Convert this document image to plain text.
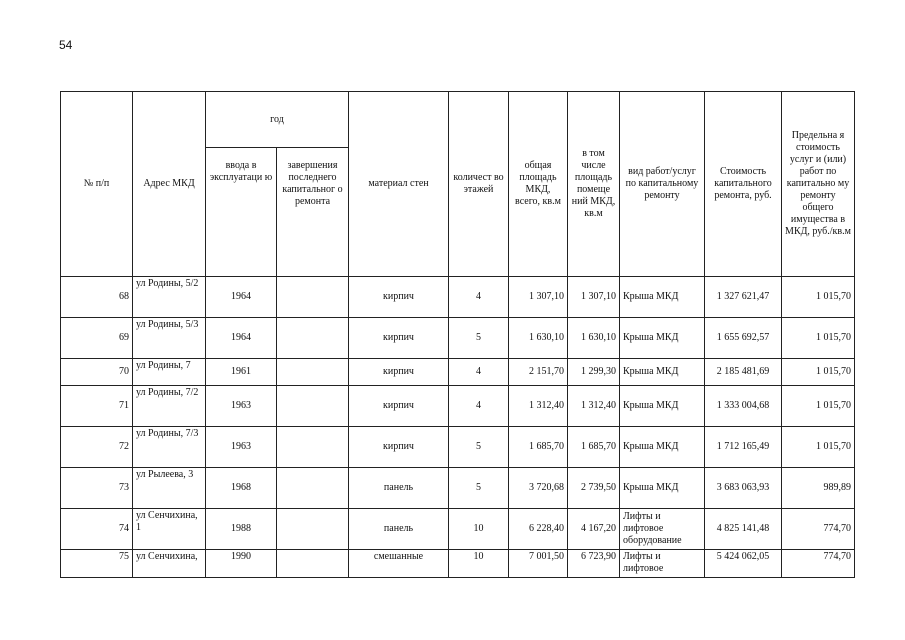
54
№ п/п	Адрес МКД	год		материал стен	количест во этажей	общая площадь МКД, всего, кв.м	в том числе площадь помеще ний МКД, кв.м	вид работ/услуг по капитальному ремонту	Стоимость капитального ремонта, руб.	Предельна я стоимость услуг и (или) работ по капитально му ремонту общего имущества в МКД, руб./кв.м
		ввода в эксплуатаци ю	завершения последнего капитальног о ремонта							
68	ул Родины, 5/2	1964		кирпич	4	1 307,10	1 307,10	Крыша МКД	1 327 621,47	1 015,70
69	ул Родины, 5/3	1964		кирпич	5	1 630,10	1 630,10	Крыша МКД	1 655 692,57	1 015,70
70	ул Родины, 7	1961		кирпич	4	2 151,70	1 299,30	Крыша МКД	2 185 481,69	1 015,70
71	ул Родины, 7/2	1963		кирпич	4	1 312,40	1 312,40	Крыша МКД	1 333 004,68	1 015,70
72	ул Родины, 7/3	1963		кирпич	5	1 685,70	1 685,70	Крыша МКД	1 712 165,49	1 015,70
73	ул Рылеева, 3	1968		панель	5	3 720,68	2 739,50	Крыша МКД	3 683 063,93	989,89
74	ул Сенчихина, 1	1988		панель	10	6 228,40	4 167,20	Лифты и лифтовое оборудование	4 825 141,48	774,70
75	ул Сенчихина,	1990		смешанные	10	7 001,50	6 723,90	Лифты и лифтовое	5 424 062,05	774,70
